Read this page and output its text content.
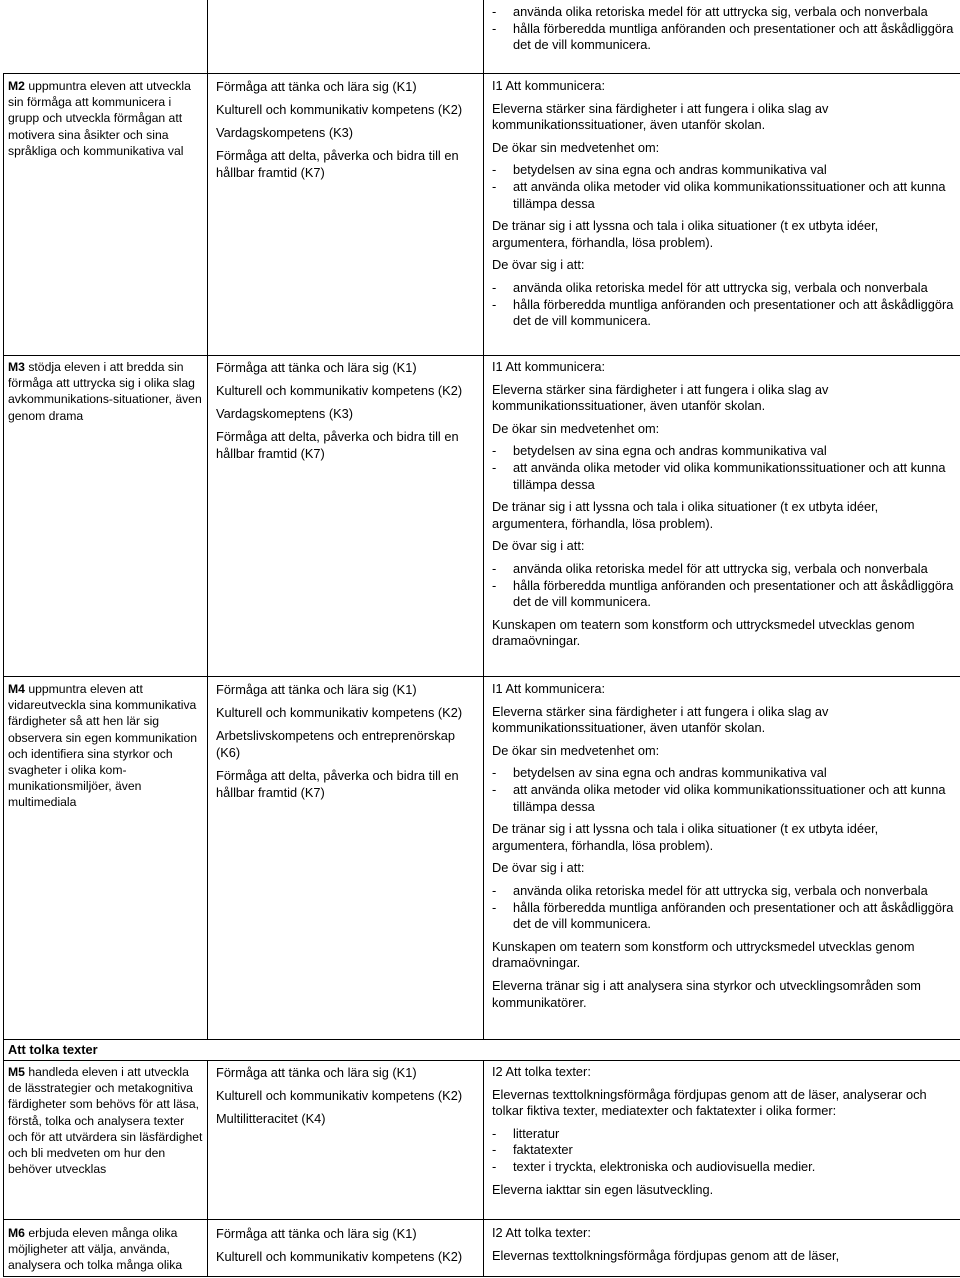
- använda olika retoriska medel för att uttrycka sig, verbala och nonverbala
- hålla förberedda muntliga anföranden och presentationer och att åskådliggöra det de vill kommunicera.
M2 uppmuntra eleven att utveckla sin förmåga att kommunicera i grupp och utveckla förmågan att motivera sina åsikter och sina språkliga och kommunikativa val

Förmåga att tänka och lära sig (K1)

Kulturell och kommunikativ kompetens (K2)

Vardagskompetens (K3)

Förmåga att delta, påverka och bidra till en hållbar framtid (K7)

I1 Att kommunicera:

Eleverna stärker sina färdigheter i att fungera i olika slag av kommunikationssituationer, även utanför skolan.

De ökar sin medvetenhet om:

- betydelsen av sina egna och andras kommunikativa val
- att använda olika metoder vid olika kommunikationssituationer och att kunna tillämpa dessa

De tränar sig i att lyssna och tala i olika situationer (t ex utbyta idéer, argumentera, förhandla, lösa problem).

De övar sig i att:

- använda olika retoriska medel för att uttrycka sig, verbala och nonverbala
- hålla förberedda muntliga anföranden och presentationer och att åskådliggöra det de vill kommunicera.
M3 stödja eleven i att bredda sin förmåga att uttrycka sig i olika slag avkommunikations-situationer, även genom drama

Förmåga att tänka och lära sig (K1)

Kulturell och kommunikativ kompetens (K2)

Vardagskomeptens (K3)

Förmåga att delta, påverka och bidra till en hållbar framtid (K7)

I1 Att kommunicera:

Eleverna stärker sina färdigheter i att fungera i olika slag av kommunikationssituationer, även utanför skolan.

De ökar sin medvetenhet om:

- betydelsen av sina egna och andras kommunikativa val
- att använda olika metoder vid olika kommunikationssituationer och att kunna tillämpa dessa

De tränar sig i att lyssna och tala i olika situationer (t ex utbyta idéer, argumentera, förhandla, lösa problem).

De övar sig i att:

- använda olika retoriska medel för att uttrycka sig, verbala och nonverbala
- hålla förberedda muntliga anföranden och presentationer och att åskådliggöra det de vill kommunicera.

Kunskapen om teatern som konstform och uttrycksmedel utvecklas genom dramaövningar.

M4 uppmuntra eleven att vidareutveckla sina kommunikativa färdigheter så att hen lär sig observera sin egen kommunikation och identifiera sina styrkor och svagheter i olika kom-munikationsmiljöer, även multimediala

Förmåga att tänka och lära sig (K1)

Kulturell och kommunikativ kompetens (K2)

Arbetslivskompetens och entreprenörskap (K6)

Förmåga att delta, påverka och bidra till en hållbar framtid (K7)

I1 Att kommunicera:

Eleverna stärker sina färdigheter i att fungera i olika slag av kommunikationssituationer, även utanför skolan.

De ökar sin medvetenhet om:

- betydelsen av sina egna och andras kommunikativa val
- att använda olika metoder vid olika kommunikationssituationer och att kunna tillämpa dessa

De tränar sig i att lyssna och tala i olika situationer (t ex utbyta idéer, argumentera, förhandla, lösa problem).

De övar sig i att:

- använda olika retoriska medel för att uttrycka sig, verbala och nonverbala
- hålla förberedda muntliga anföranden och presentationer och att åskådliggöra det de vill kommunicera.

Kunskapen om teatern som konstform och uttrycksmedel utvecklas genom dramaövningar.

Eleverna tränar sig i att analysera sina styrkor och utvecklingsområden som kommunikatörer.

Att tolka texter
M5 handleda eleven i att utveckla de lässtrategier och metakognitiva färdigheter som behövs för att läsa, förstå, tolka och analysera texter och för att utvärdera sin läsfärdighet och bli medveten om hur den behöver utvecklas

Förmåga att tänka och lära sig (K1)

Kulturell och kommunikativ kompetens (K2)

Multilitteracitet (K4)

I2 Att tolka texter:

Elevernas texttolkningsförmåga fördjupas genom att de läser, analyserar och tolkar fiktiva texter, mediatexter och faktatexter i olika former:

- litteratur
- faktatexter
- texter i tryckta, elektroniska och audiovisuella medier.

Eleverna iakttar sin egen läsutveckling.

M6 erbjuda eleven många olika möjligheter att välja, använda, analysera och tolka många olika

Förmåga att tänka och lära sig (K1)

Kulturell och kommunikativ kompetens (K2)

I2 Att tolka texter:

Elevernas texttolkningsförmåga fördjupas genom att de läser,
